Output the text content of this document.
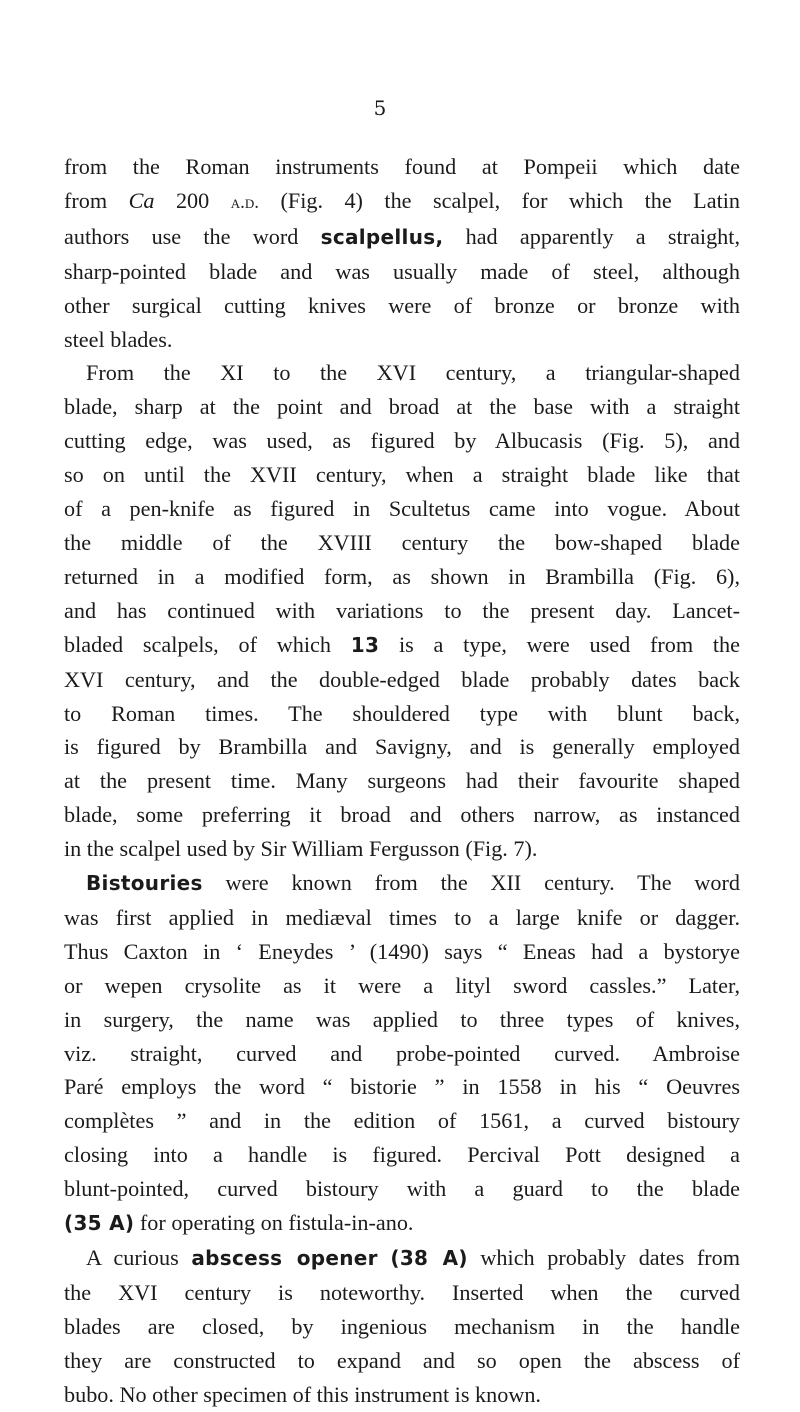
5
from the Roman instruments found at Pompeii which date
from Ca 200 a.d. (Fig. 4) the scalpel, for which the Latin
authors use the word scalpellus, had apparently a straight,
sharp-pointed blade and was usually made of steel, although
other surgical cutting knives were of bronze or bronze with
steel blades.
From the XI to the XVI century, a triangular-shaped
blade, sharp at the point and broad at the base with a straight
cutting edge, was used, as figured by Albucasis (Fig. 5), and
so on until the XVII century, when a straight blade like that
of a pen-knife as figured in Scultetus came into vogue. About
the middle of the XVIII century the bow-shaped blade
returned in a modified form, as shown in Brambilla (Fig. 6),
and has continued with variations to the present day. Lancet-
bladed scalpels, of which 13 is a type, were used from the
XVI century, and the double-edged blade probably dates back
to Roman times. The shouldered type with blunt back,
is figured by Brambilla and Savigny, and is generally employed
at the present time. Many surgeons had their favourite shaped
blade, some preferring it broad and others narrow, as instanced
in the scalpel used by Sir William Fergusson (Fig. 7).
Bistouries were known from the XII century. The word
was first applied in mediæval times to a large knife or dagger.
Thus Caxton in ‘ Eneydes ’ (1490) says “ Eneas had a bystorye
or wepen crysolite as it were a lityl sword cassles.” Later,
in surgery, the name was applied to three types of knives,
viz. straight, curved and probe-pointed curved. Ambroise
Paré employs the word “ bistorie ” in 1558 in his “ Oeuvres
complètes ” and in the edition of 1561, a curved bistoury
closing into a handle is figured. Percival Pott designed a
blunt-pointed, curved bistoury with a guard to the blade
(35 A) for operating on fistula-in-ano.
A curious abscess opener (38 A) which probably dates from
the XVI century is noteworthy. Inserted when the curved
blades are closed, by ingenious mechanism in the handle
they are constructed to expand and so open the abscess of
bubo. No other specimen of this instrument is known.
